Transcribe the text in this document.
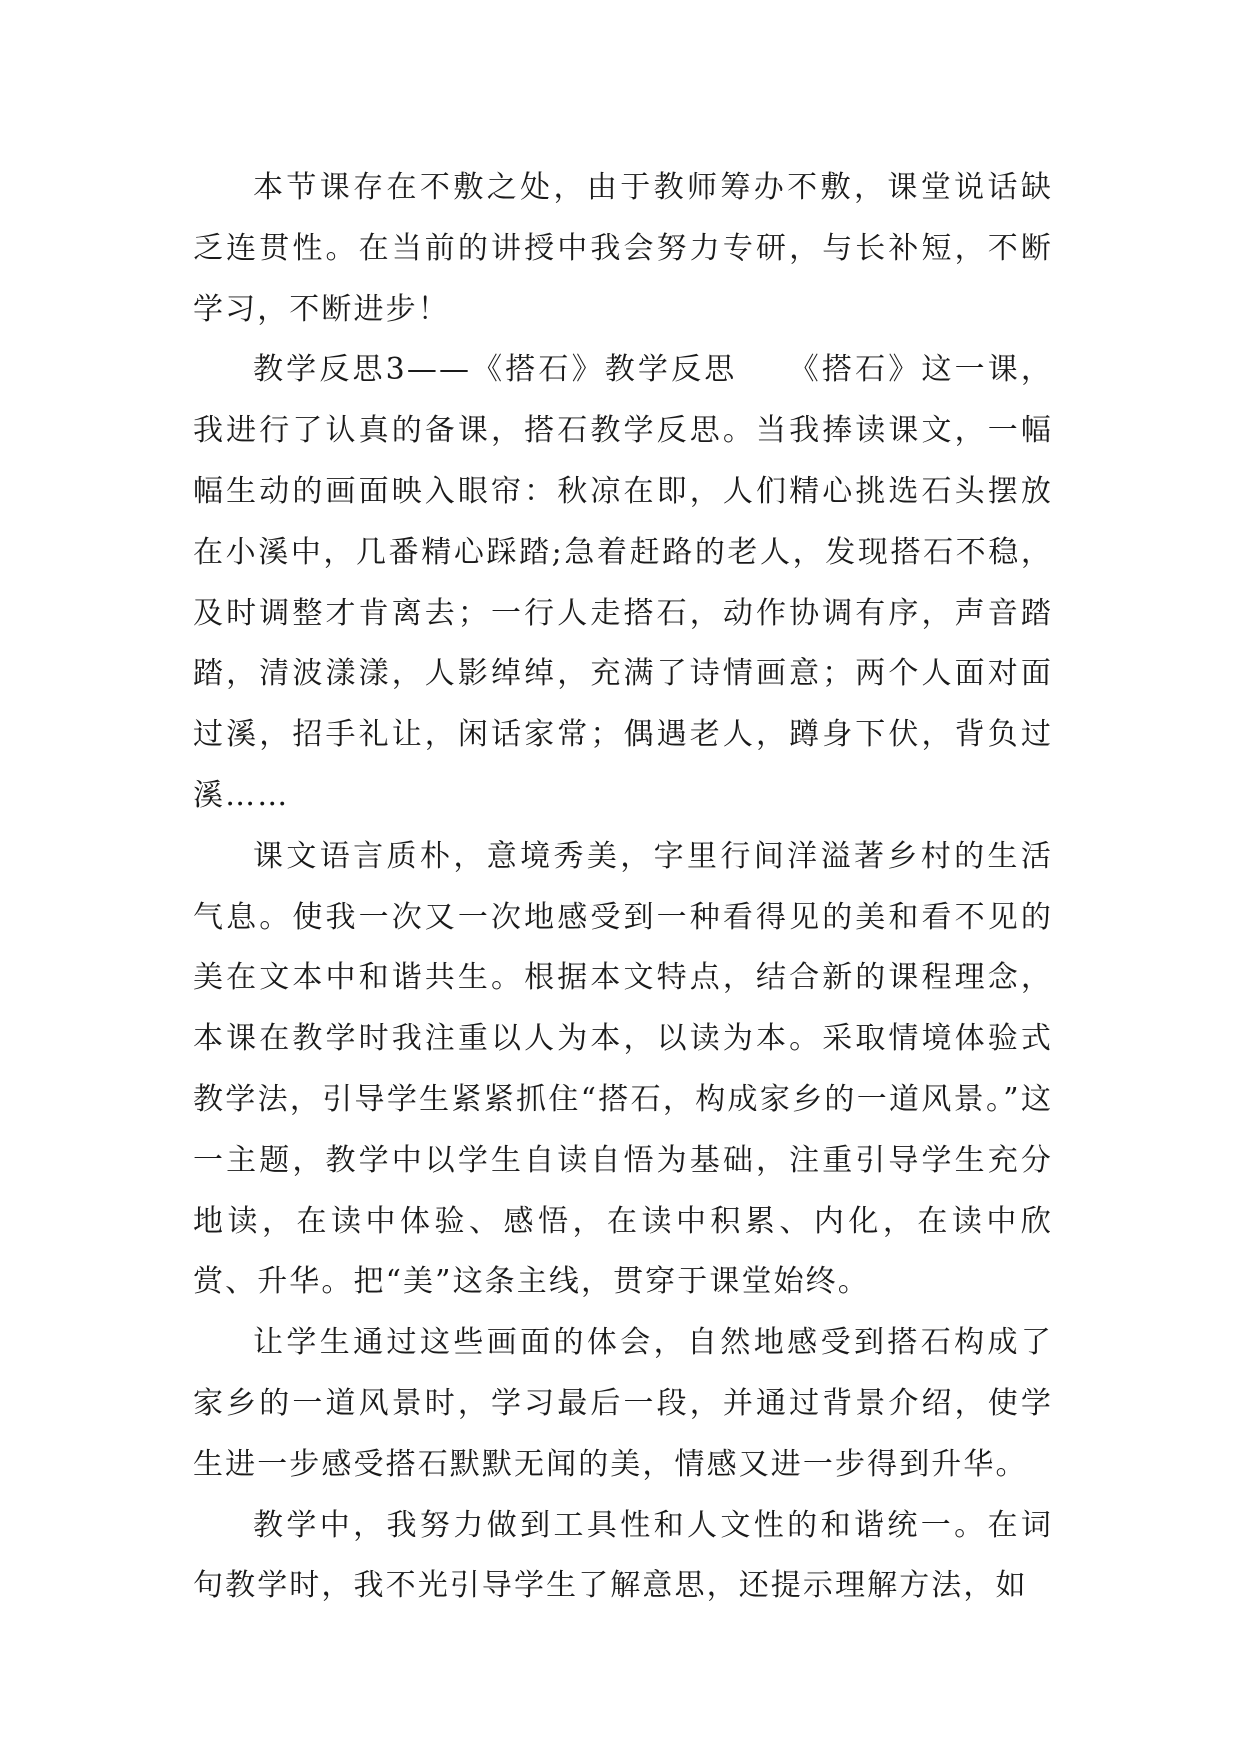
本节课存在不敷之处，由于教师筹办不敷，课堂说话缺乏连贯性。在当前的讲授中我会努力专研，与长补短，不断学习，不断进步！

教学反思3——《搭石》教学反思　　《搭石》这一课，我进行了认真的备课，搭石教学反思。当我捧读课文，一幅幅生动的画面映入眼帘：秋凉在即，人们精心挑选石头摆放在小溪中，几番精心踩踏;急着赶路的老人，发现搭石不稳，及时调整才肯离去；一行人走搭石，动作协调有序，声音踏踏，清波漾漾，人影绰绰，充满了诗情画意；两个人面对面过溪，招手礼让，闲话家常；偶遇老人，蹲身下伏，背负过溪……

课文语言质朴，意境秀美，字里行间洋溢著乡村的生活气息。使我一次又一次地感受到一种看得见的美和看不见的美在文本中和谐共生。根据本文特点，结合新的课程理念，本课在教学时我注重以人为本，以读为本。采取情境体验式教学法，引导学生紧紧抓住“搭石，构成家乡的一道风景。”这一主题，教学中以学生自读自悟为基础，注重引导学生充分地读，在读中体验、感悟，在读中积累、内化，在读中欣赏、升华。把“美”这条主线，贯穿于课堂始终。

让学生通过这些画面的体会，自然地感受到搭石构成了家乡的一道风景时，学习最后一段，并通过背景介绍，使学生进一步感受搭石默默无闻的美，情感又进一步得到升华。

教学中，我努力做到工具性和人文性的和谐统一。在词句教学时，我不光引导学生了解意思，还提示理解方法，如
